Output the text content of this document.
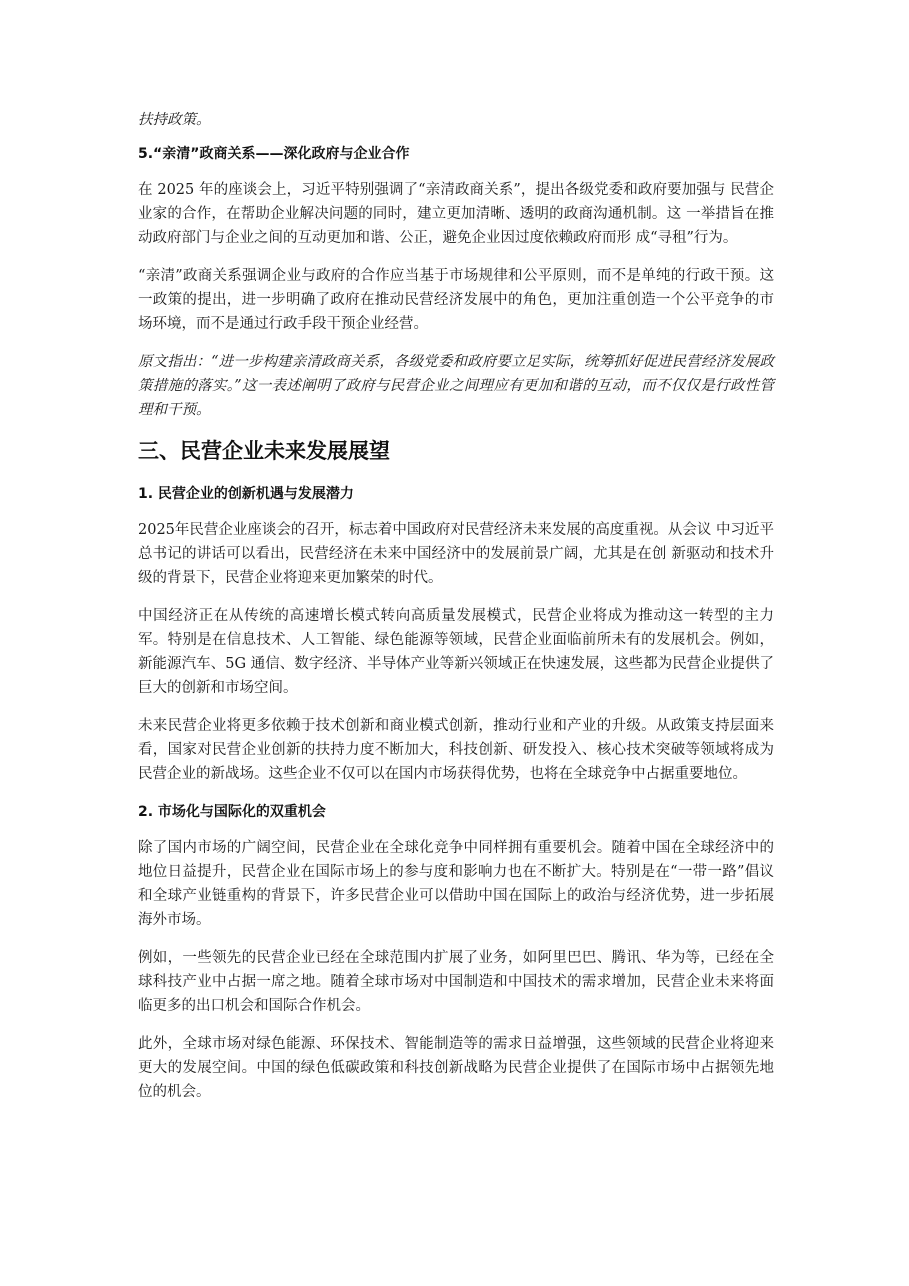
扶持政策。

5.“亲清”政商关系——深化政府与企业合作

在 2025 年的座谈会上，习近平特别强调了“亲清政商关系”，提出各级党委和政府要加强与 民营企业家的合作，在帮助企业解决问题的同时，建立更加清晰、透明的政商沟通机制。这 一举措旨在推动政府部门与企业之间的互动更加和谐、公正，避免企业因过度依赖政府而形 成“寻租”行为。

“亲清”政商关系强调企业与政府的合作应当基于市场规律和公平原则，而不是单纯的行政干预。这一政策的提出，进一步明确了政府在推动民营经济发展中的角色，更加注重创造一个公平竞争的市场环境，而不是通过行政手段干预企业经营。

原文指出：“进一步构建亲清政商关系，各级党委和政府要立足实际，统筹抓好促进民营经济发展政策措施的落实。”这一表述阐明了政府与民营企业之间理应有更加和谐的互动，而不仅仅是行政性管理和干预。

三、民营企业未来发展展望
1. 民营企业的创新机遇与发展潜力

2025年民营企业座谈会的召开，标志着中国政府对民营经济未来发展的高度重视。从会议 中习近平总书记的讲话可以看出，民营经济在未来中国经济中的发展前景广阔，尤其是在创 新驱动和技术升级的背景下，民营企业将迎来更加繁荣的时代。

中国经济正在从传统的高速增长模式转向高质量发展模式，民营企业将成为推动这一转型的主力军。特别是在信息技术、人工智能、绿色能源等领域，民营企业面临前所未有的发展机会。例如，新能源汽车、5G 通信、数字经济、半导体产业等新兴领域正在快速发展，这些都为民营企业提供了巨大的创新和市场空间。

未来民营企业将更多依赖于技术创新和商业模式创新，推动行业和产业的升级。从政策支持层面来看，国家对民营企业创新的扶持力度不断加大，科技创新、研发投入、核心技术突破等领域将成为民营企业的新战场。这些企业不仅可以在国内市场获得优势，也将在全球竞争中占据重要地位。

2. 市场化与国际化的双重机会

除了国内市场的广阔空间，民营企业在全球化竞争中同样拥有重要机会。随着中国在全球经济中的地位日益提升，民营企业在国际市场上的参与度和影响力也在不断扩大。特别是在“一带一路”倡议和全球产业链重构的背景下，许多民营企业可以借助中国在国际上的政治与经济优势，进一步拓展海外市场。

例如，一些领先的民营企业已经在全球范围内扩展了业务，如阿里巴巴、腾讯、华为等，已经在全球科技产业中占据一席之地。随着全球市场对中国制造和中国技术的需求增加，民营企业未来将面临更多的出口机会和国际合作机会。

此外，全球市场对绿色能源、环保技术、智能制造等的需求日益增强，这些领域的民营企业将迎来更大的发展空间。中国的绿色低碳政策和科技创新战略为民营企业提供了在国际市场中占据领先地位的机会。
